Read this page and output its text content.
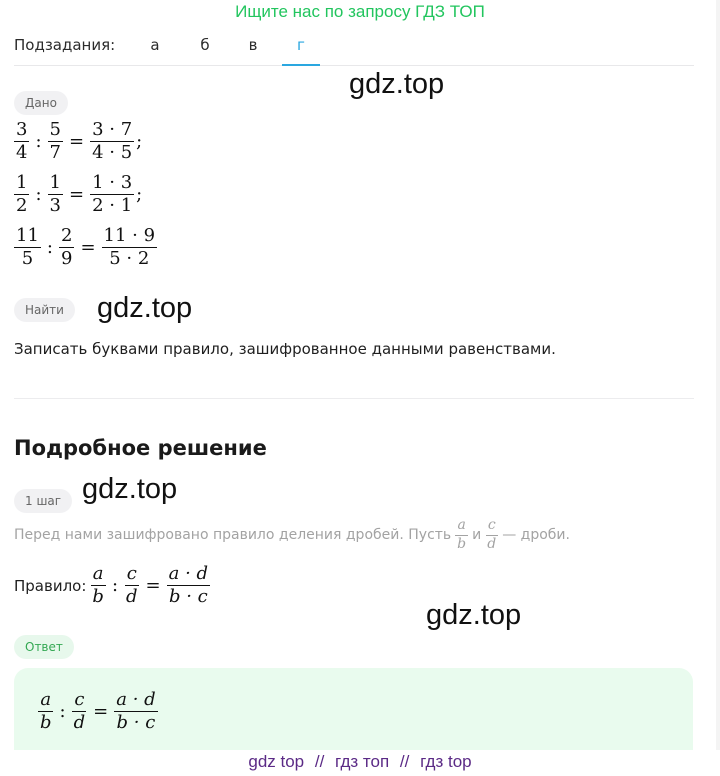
Ищите нас по запросу ГДЗ ТОП
Подзадания:	а	б	в	г
gdz.top
gdz.top
gdz.top
gdz.top
Дано
$\frac{3}{4}$ : $\frac{5}{7} = \frac{3 \cdot 7}{4 \cdot 5}$ ;
$\frac{1}{2}$ : $\frac{1}{3} = \frac{1 \cdot 3}{2 \cdot 1}$ ;
$\frac{11}{5}$ : $\frac{2}{9} = \frac{11 \cdot 9}{5 \cdot 2}$
Найти
Записать буквами правило, зашифрованное данными равенствами.
Подробное решение
1 шаг
Перед нами зашифровано правило деления дробей. Пусть $\frac{a}{b}$ и $\frac{c}{d}$ — дроби.
Правило: $\frac{a}{b}$ : $\frac{c}{d} = \frac{a \cdot d}{b \cdot c}$
Ответ
$\frac{a}{b}$ : $\frac{c}{d} = \frac{a \cdot d}{b \cdot c}$
gdz top // гдз топ // гдз top
